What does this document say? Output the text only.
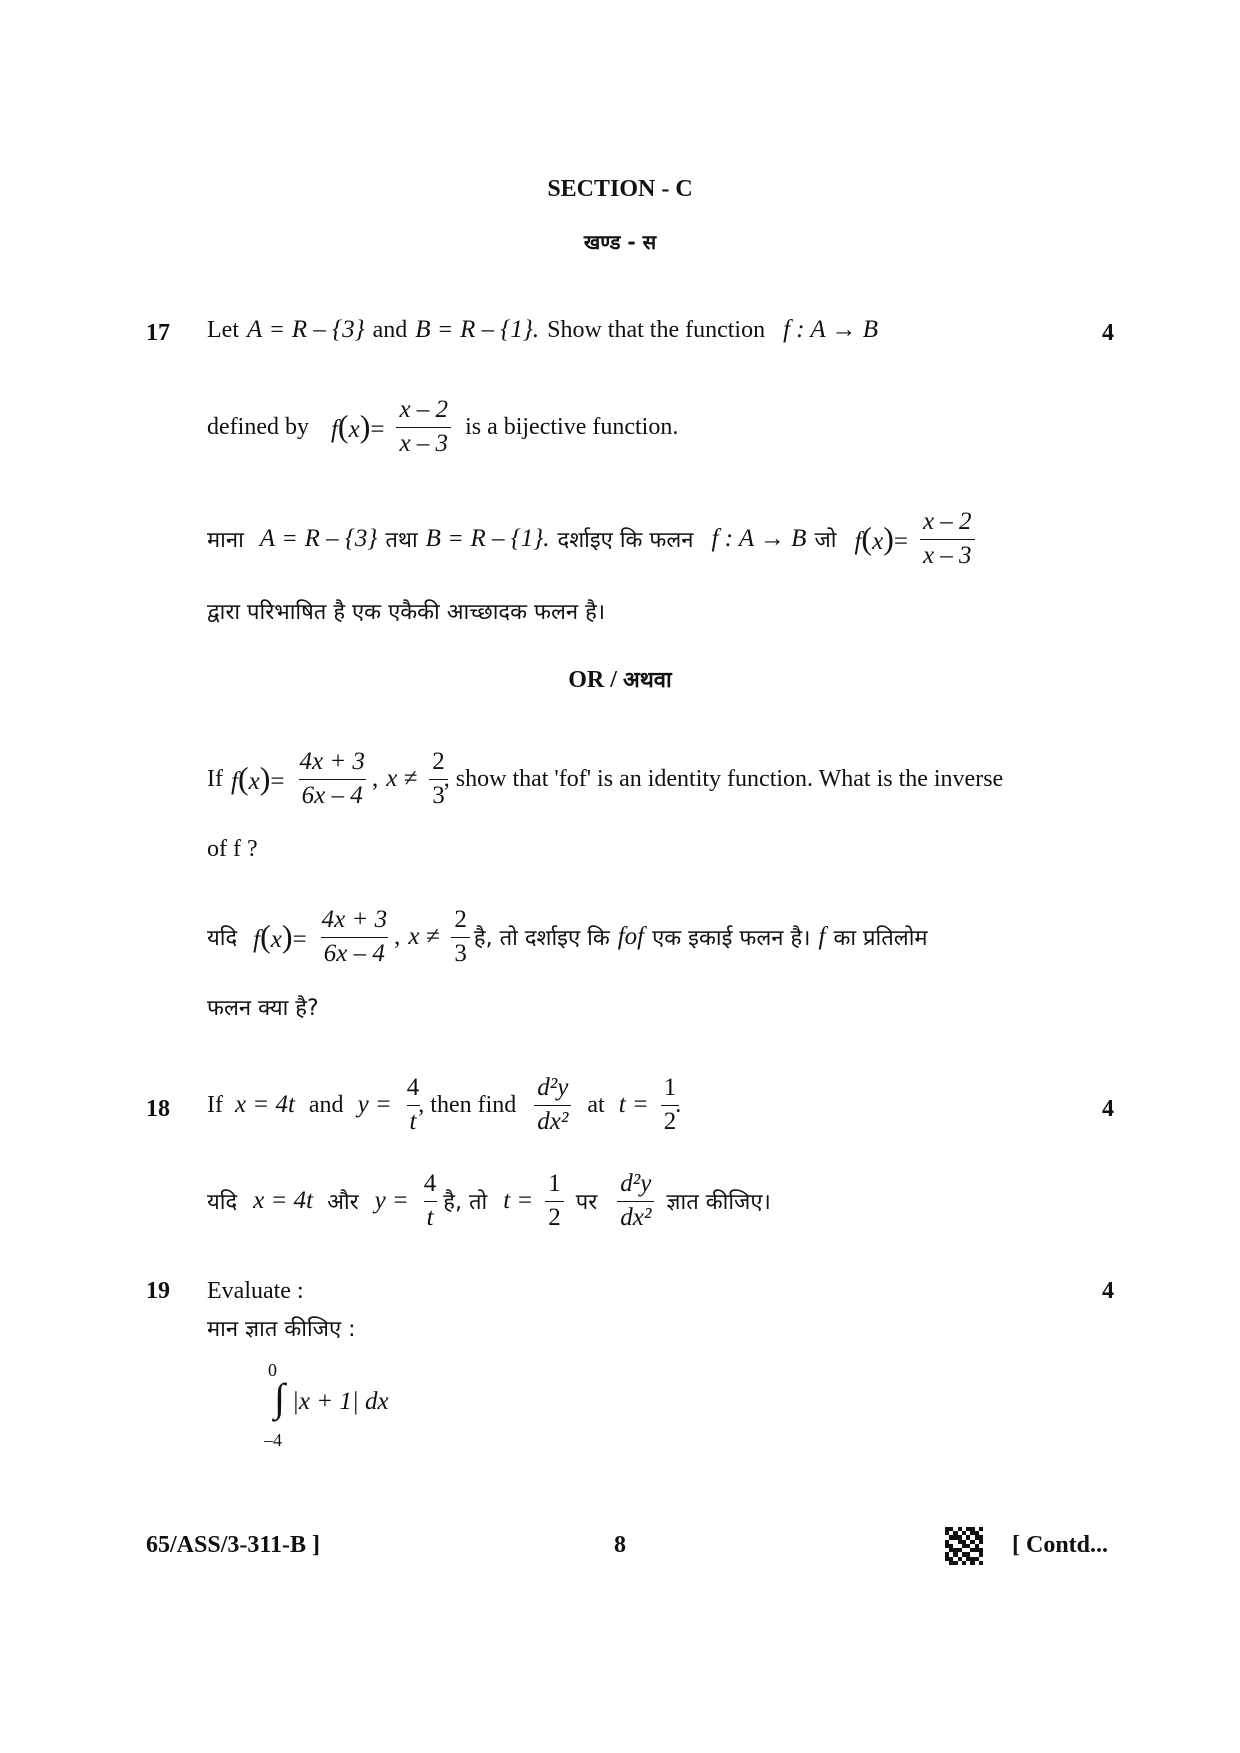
SECTION - C
खण्ड - स
17	4
Let A = R – {3} and B = R – {1}. Show that the function f : A → B
defined by $f(x)= \frac{x - 2}{x - 3}$ is a bijective function.
माना A = R – {3} तथा B = R – {1}. दर्शाइए कि फलन f : A → B जो $f(x)= \frac{x - 2}{x - 3}$
द्वारा परिभाषित है एक एकैकी आच्छादक फलन है।
OR / अथवा
If $f(x)= \frac{4x + 3}{6x - 4}$ , $x \ne \frac{2}{3}$
, show that 'fof' is an identity function. What is the inverse
of f ?
यदि $f(x)= \frac{4x + 3}{6x - 4}$ , $x \ne \frac{2}{3}$ है, तो दर्शाइए कि fof एक इकाई फलन है। f का प्रतिलोम
फलन क्या है?
18	4
If x = 4t and $y = \frac{4}{t}$
, then find $\frac{\text{d²y}}{\text{dx²}}$ at $t = \frac{1}{2}$
.
यदि x = 4t और $y = \frac{4}{t}$ है, तो $t = \frac{1}{2}$ पर $\frac{\text{d²y}}{\text{dx²}}$ ज्ञात कीजिए।
19	4
Evaluate :
मान ज्ञात कीजिए :
0
∫ |x + 1| dx
–4
65/ASS/3-311-B ]	8	[ Contd...
